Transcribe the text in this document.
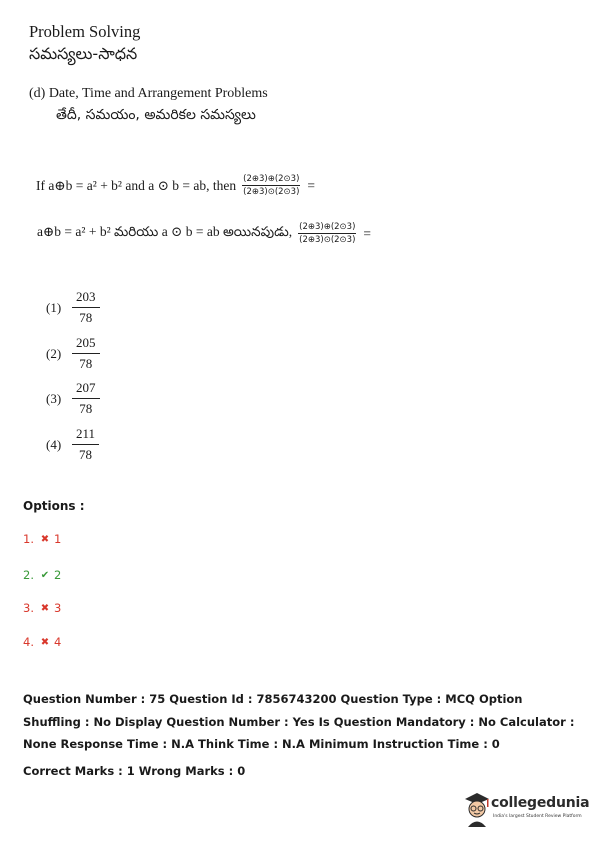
Problem Solving
సమస్యలు-సాధన
(d) Date, Time and Arrangement Problems
తేదీ, సమయం, అమరికల సమస్యలు
If a⊕b = a² + b² and a ⊙ b = ab, then $\frac{(2\oplus 3)\oplus(2⊙3)}{(2\oplus 3)⊙(2⊙3)}$ =
a⊕b = a² + b² మరియు a ⊙ b = ab అయినపుడు, $\frac{(2\oplus 3)\oplus(2⊙3)}{(2\oplus 3)⊙(2⊙3)}$ =
$(1) \frac{203}{78}$
$(2) \frac{205}{78}$
$(3) \frac{207}{78}$
$(4) \frac{211}{78}$
Options :
1. ✖ 1
2. ✔ 2
3. ✖ 3
4. ✖ 4
Question Number : 75 Question Id : 7856743200 Question Type : MCQ Option Shuffling : No Display Question Number : Yes Is Question Mandatory : No Calculator : None Response Time : N.A Think Time : N.A Minimum Instruction Time : 0
Correct Marks : 1 Wrong Marks : 0
collegedunia
India's largest Student Review Platform
